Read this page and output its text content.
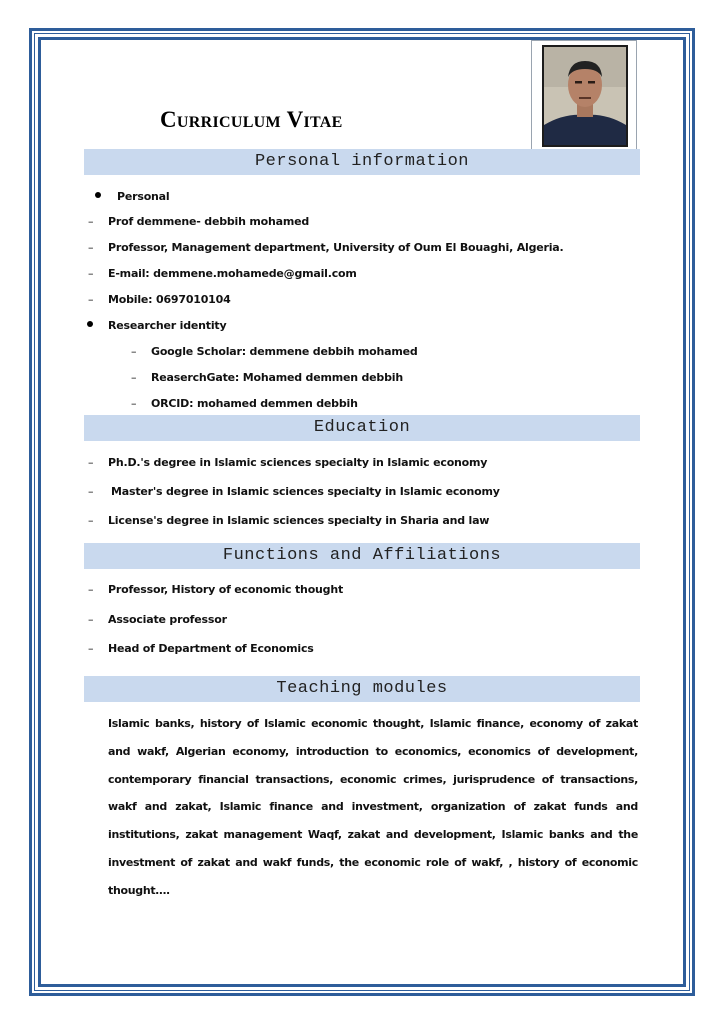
Curriculum Vitae
Personal information
Personal
– Prof demmene- debbih mohamed
– Professor, Management department, University of Oum El Bouaghi, Algeria.
– E-mail: demmene.mohamede@gmail.com
– Mobile: 0697010104
Researcher identity
– Google Scholar: demmene debbih mohamed
– ReaserchGate: Mohamed demmen debbih
– ORCID: mohamed demmen debbih
Education
– Ph.D.'s degree in Islamic sciences specialty in Islamic economy
– Master's degree in Islamic sciences specialty in Islamic economy
– License's degree in Islamic sciences specialty in Sharia and law
Functions and Affiliations
– Professor, History of economic thought
– Associate professor
– Head of Department of Economics
Teaching modules
Islamic banks, history of Islamic economic thought, Islamic finance, economy of zakat and wakf, Algerian economy, introduction to economics, economics of development, contemporary financial transactions, economic crimes, jurisprudence of transactions, wakf and zakat, Islamic finance and investment, organization of zakat funds and institutions, zakat management Waqf, zakat and development, Islamic banks and the investment of zakat and wakf funds, the economic role of wakf, , history of economic thought….
